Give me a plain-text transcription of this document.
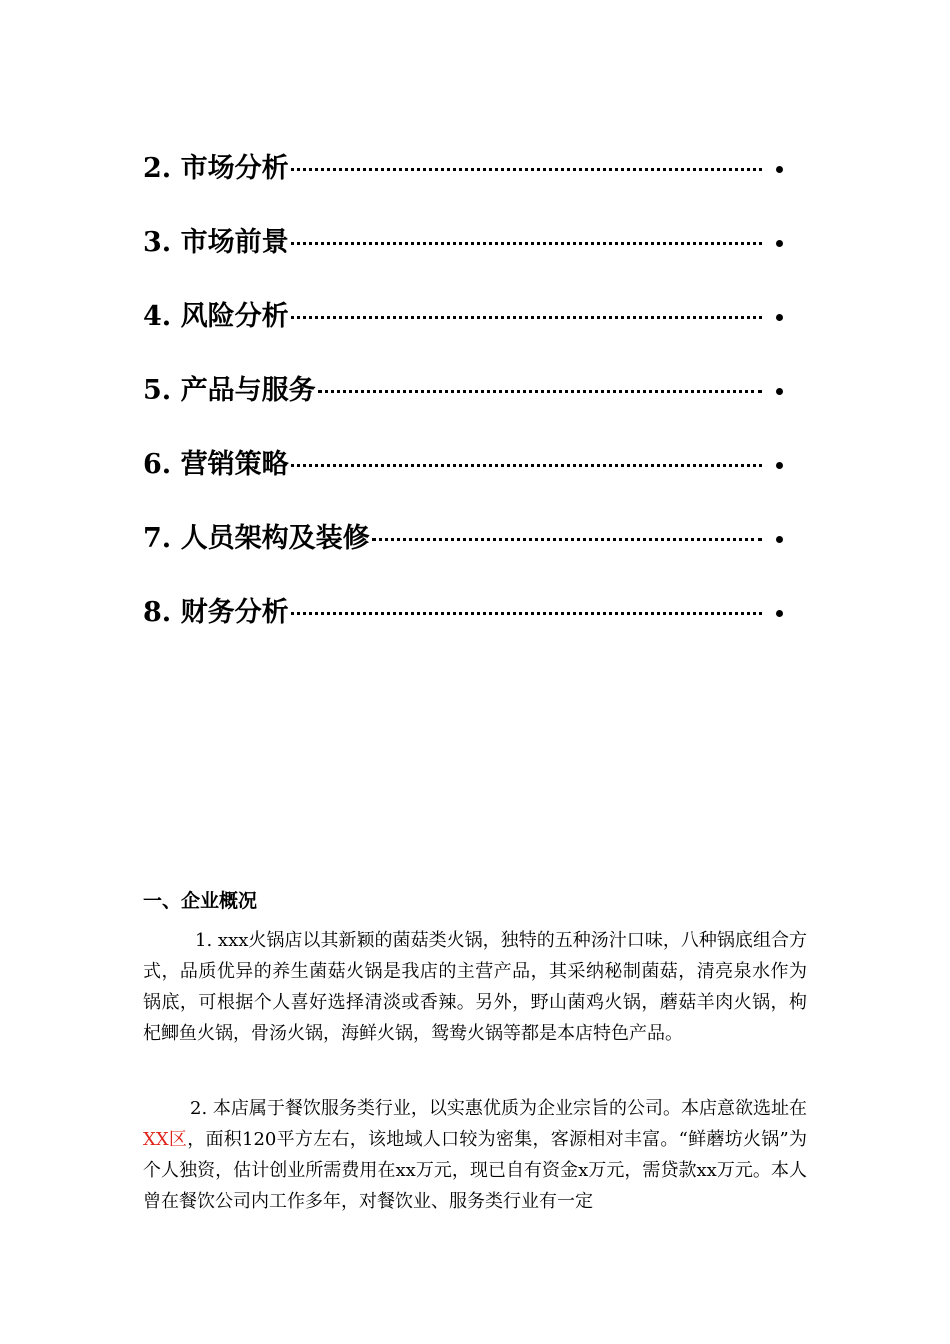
2. 市场分析
3. 市场前景
4. 风险分析
5. 产品与服务
6. 营销策略
7. 人员架构及装修
8. 财务分析
一、企业概况

1. xxx火锅店以其新颖的菌菇类火锅，独特的五种汤汁口味，八种锅底组合方式，品质优异的养生菌菇火锅是我店的主营产品，其采纳秘制菌菇，清亮泉水作为锅底，可根据个人喜好选择清淡或香辣。另外，野山菌鸡火锅，蘑菇羊肉火锅，枸杞鲫鱼火锅，骨汤火锅，海鲜火锅，鸳鸯火锅等都是本店特色产品。

2. 本店属于餐饮服务类行业，以实惠优质为企业宗旨的公司。本店意欲选址在XX区，面积120平方左右，该地域人口较为密集，客源相对丰富。“鲜蘑坊火锅”为个人独资，估计创业所需费用在xx万元，现已自有资金x万元，需贷款xx万元。本人曾在餐饮公司内工作多年，对餐饮业、服务类行业有一定
